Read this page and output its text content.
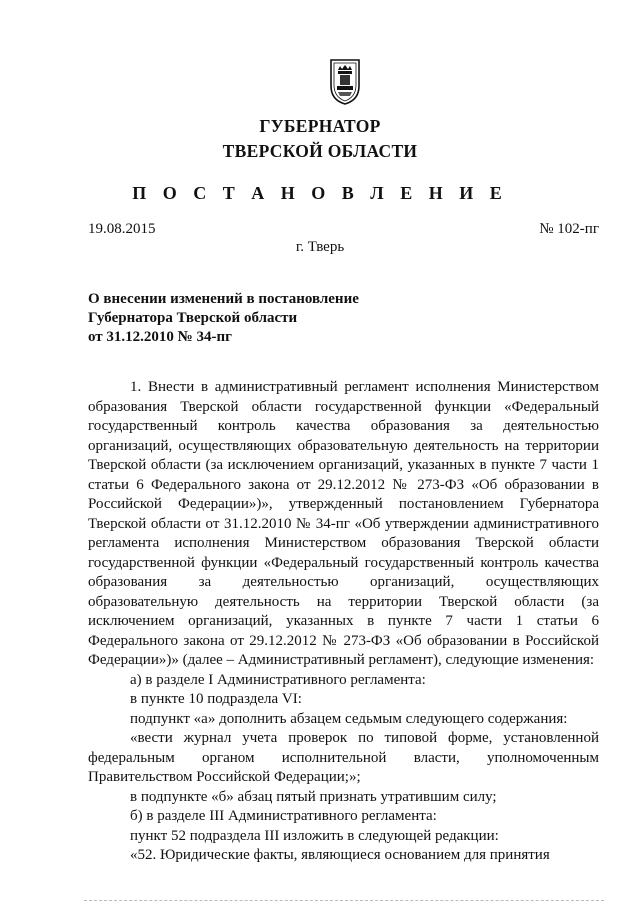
ГУБЕРНАТОР
ТВЕРСКОЙ ОБЛАСТИ
П О С Т А Н О В Л Е Н И Е
19.08.2015	№ 102-пг
г. Тверь
О внесении изменений в постановление
Губернатора Тверской области
от 31.12.2010 № 34-пг

1. Внести в административный регламент исполнения Министерством образования Тверской области государственной функции «Федеральный государственный контроль качества образования за деятельностью организаций, осуществляющих образовательную деятельность на территории Тверской области (за исключением организаций, указанных в пункте 7 части 1 статьи 6 Федерального закона от 29.12.2012 № 273-ФЗ «Об образовании в Российской Федерации»)», утвержденный постановлением Губернатора Тверской области от 31.12.2010 № 34-пг «Об утверждении административного регламента исполнения Министерством образования Тверской области государственной функции «Федеральный государственный контроль качества образования за деятельностью организаций, осуществляющих образовательную деятельность на территории Тверской области (за исключением организаций, указанных в пункте 7 части 1 статьи 6 Федерального закона от 29.12.2012 № 273-ФЗ «Об образовании в Российской Федерации»)» (далее – Административный регламент), следующие изменения:

а) в разделе I Административного регламента:

в пункте 10 подраздела VI:

подпункт «а» дополнить абзацем седьмым следующего содержания:

«вести журнал учета проверок по типовой форме, установленной федеральным органом исполнительной власти, уполномоченным Правительством Российской Федерации;»;

в подпункте «б» абзац пятый признать утратившим силу;

б) в разделе III Административного регламента:

пункт 52 подраздела III изложить в следующей редакции:

«52. Юридические факты, являющиеся основанием для принятия
